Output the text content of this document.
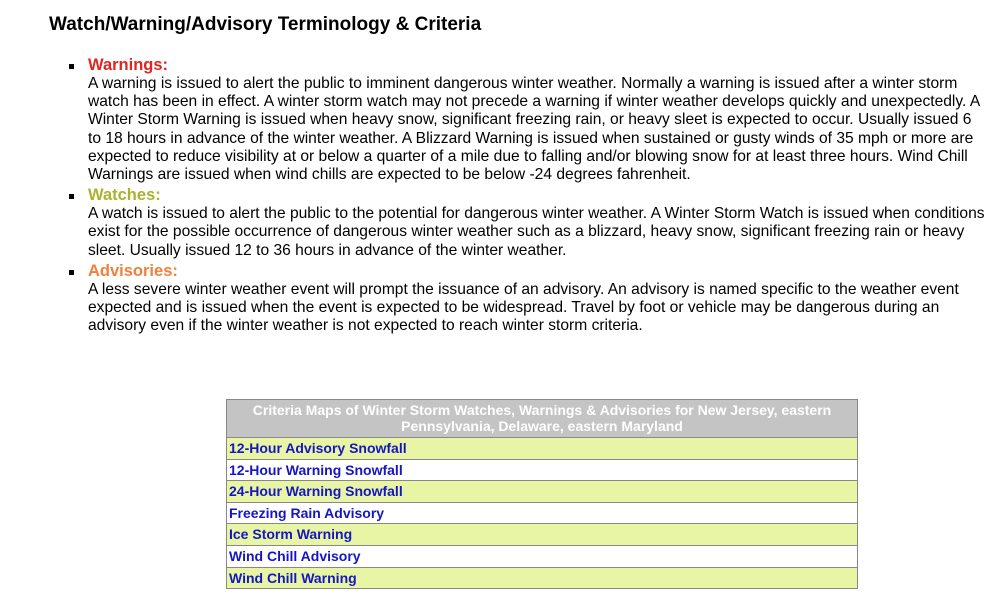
Watch/Warning/Advisory Terminology & Criteria
Warnings:
A warning is issued to alert the public to imminent dangerous winter weather. Normally a warning is issued after a winter storm watch has been in effect. A winter storm watch may not precede a warning if winter weather develops quickly and unexpectedly. A Winter Storm Warning is issued when heavy snow, significant freezing rain, or heavy sleet is expected to occur. Usually issued 6 to 18 hours in advance of the winter weather. A Blizzard Warning is issued when sustained or gusty winds of 35 mph or more are expected to reduce visibility at or below a quarter of a mile due to falling and/or blowing snow for at least three hours. Wind Chill Warnings are issued when wind chills are expected to be below -24 degrees fahrenheit.
Watches:
A watch is issued to alert the public to the potential for dangerous winter weather. A Winter Storm Watch is issued when conditions exist for the possible occurrence of dangerous winter weather such as a blizzard, heavy snow, significant freezing rain or heavy sleet. Usually issued 12 to 36 hours in advance of the winter weather.
Advisories:
A less severe winter weather event will prompt the issuance of an advisory. An advisory is named specific to the weather event expected and is issued when the event is expected to be widespread. Travel by foot or vehicle may be dangerous during an advisory even if the winter weather is not expected to reach winter storm criteria.
Criteria Maps of Winter Storm Watches, Warnings & Advisories for New Jersey, eastern Pennsylvania, Delaware, eastern Maryland
12-Hour Advisory Snowfall
12-Hour Warning Snowfall
24-Hour Warning Snowfall
Freezing Rain Advisory
Ice Storm Warning
Wind Chill Advisory
Wind Chill Warning
